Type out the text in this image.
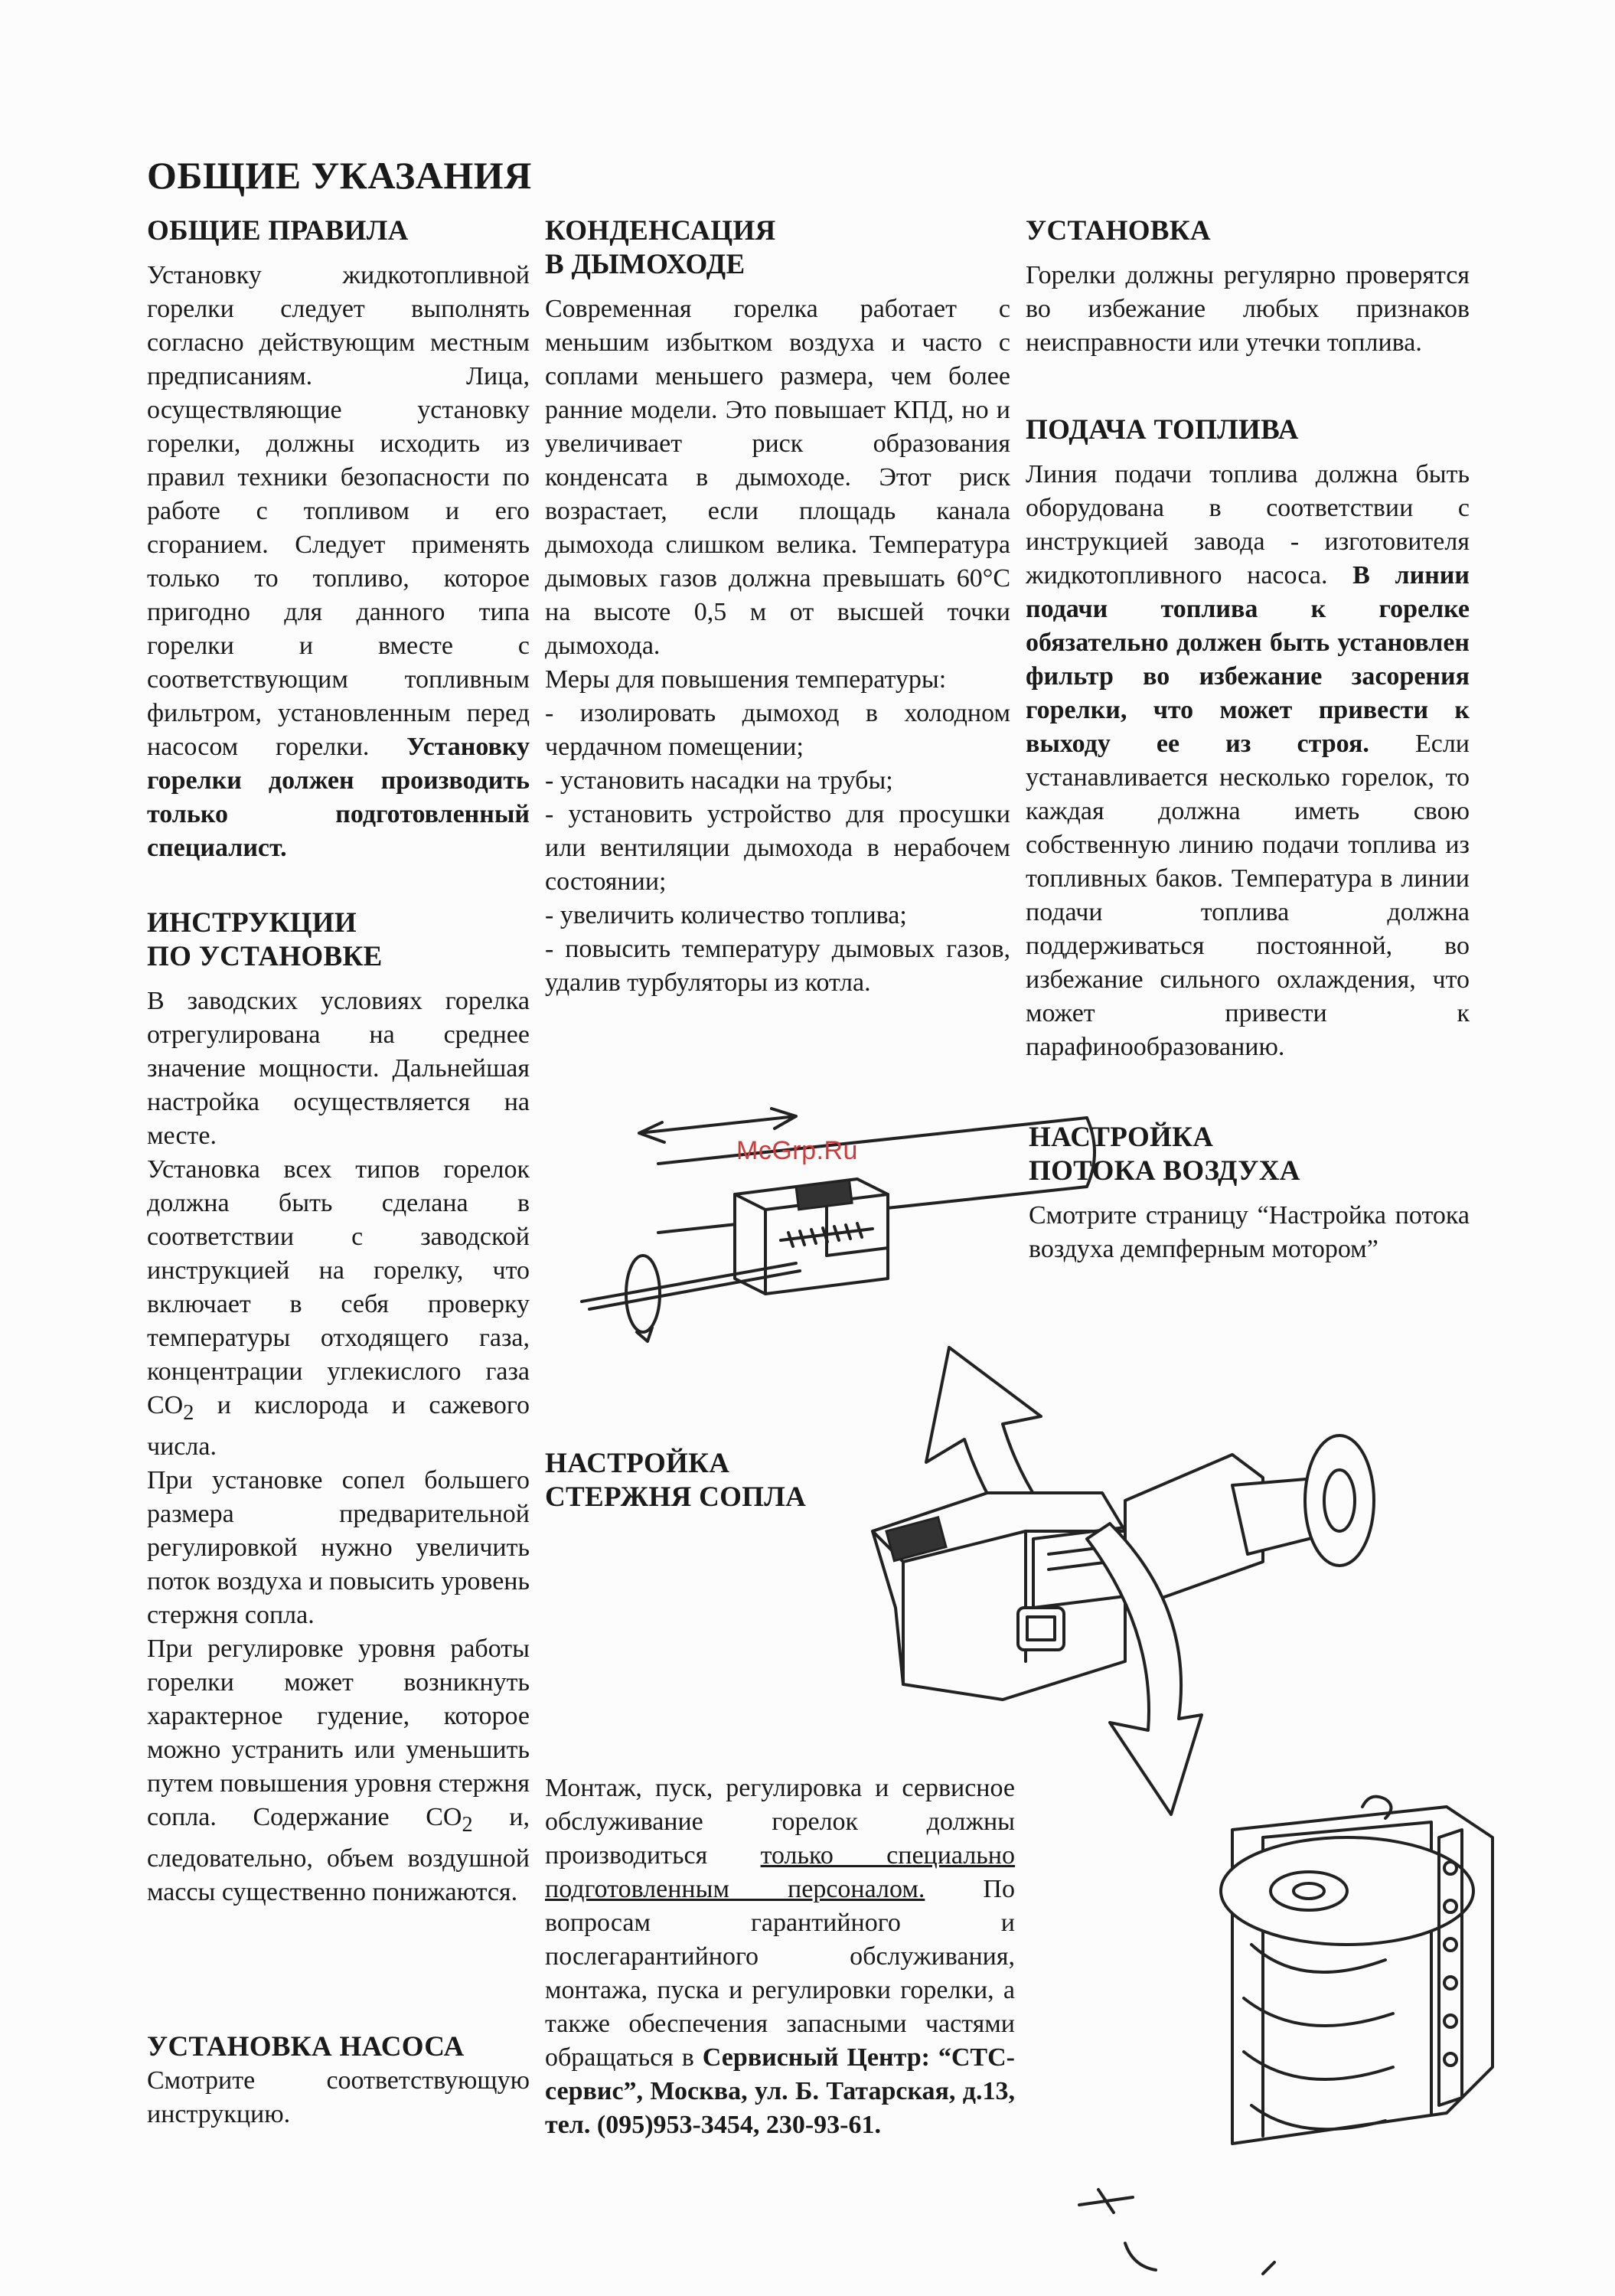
ОБЩИЕ УКАЗАНИЯ
ОБЩИЕ ПРАВИЛА

Установку жидкотопливной горелки следует выполнять согласно действующим местным предписаниям. Лица, осуществляющие установку горелки, должны исходить из правил техники безопасности по работе с топливом и его сгоранием. Следует применять только то топливо, которое пригодно для данного типа горелки и вместе с соответствующим топливным фильтром, установленным перед насосом горелки. Установку горелки должен производить только подготовленный специалист.

ИНСТРУКЦИИ
ПО УСТАНОВКЕ

В заводских условиях горелка отрегулирована на среднее значение мощности. Дальнейшая настройка осуществляется на месте.

Установка всех типов горелок должна быть сделана в соответствии с заводской инструкцией на горелку, что включает в себя проверку температуры отходящего газа, концентрации углекислого газа $CO_2$ и кислорода и сажевого числа.

При установке сопел большего размера предварительной регулировкой нужно увеличить поток воздуха и повысить уровень стержня сопла.

При регулировке уровня работы горелки может возникнуть характерное гудение, которое можно устранить или уменьшить путем повышения уровня стержня сопла. Содержание $CO_2$ и, следовательно, объем воздушной массы существенно понижаются.

УСТАНОВКА НАСОСА

Смотрите соответствующую инструкцию.

КОНДЕНСАЦИЯ
В ДЫМОХОДЕ

Современная горелка работает с меньшим избытком воздуха и часто с соплами меньшего размера, чем более ранние модели. Это повышает КПД, но и увеличивает риск образования конденсата в дымоходе. Этот риск возрастает, если площадь канала дымохода слишком велика. Температура дымовых газов должна превышать 60°С на высоте 0,5 м от высшей точки дымохода.

Меры для повышения температуры:

- изолировать дымоход в холодном чердачном помещении;

- установить насадки на трубы;

- установить устройство для просушки или вентиляции дымохода в нерабочем состоянии;

- увеличить количество топлива;

- повысить температуру дымовых газов, удалив турбуляторы из котла.

НАСТРОЙКА
СТЕРЖНЯ СОПЛА

Монтаж, пуск, регулировка и сервисное обслуживание горелок должны производиться только специально подготовленным персоналом. По вопросам гарантийного и послегарантийного обслуживания, монтажа, пуска и регулировки горелки, а также обеспечения запасными частями обращаться в Сервисный Центр: “СТС-сервис”, Москва, ул. Б. Татарская, д.13, тел. (095)953-3454, 230-93-61.

УСТАНОВКА

Горелки должны регулярно проверятся во избежание любых признаков неисправности или утечки топлива.

ПОДАЧА ТОПЛИВА

Линия подачи топлива должна быть оборудована в соответствии с инструкцией завода - изготовителя жидкотопливного насоса. В линии подачи топлива к горелке обязательно должен быть установлен фильтр во избежание засорения горелки, что может привести к выходу ее из строя. Если устанавливается несколько горелок, то каждая должна иметь свою собственную линию подачи топлива из топливных баков. Температура в линии подачи топлива должна поддерживаться постоянной, во избежание сильного охлаждения, что может привести к парафинообразованию.

НАСТРОЙКА
ПОТОКА ВОЗДУХА

Смотрите страницу “Настройка потока воздуха демпферным мотором”

McGrp.Ru
